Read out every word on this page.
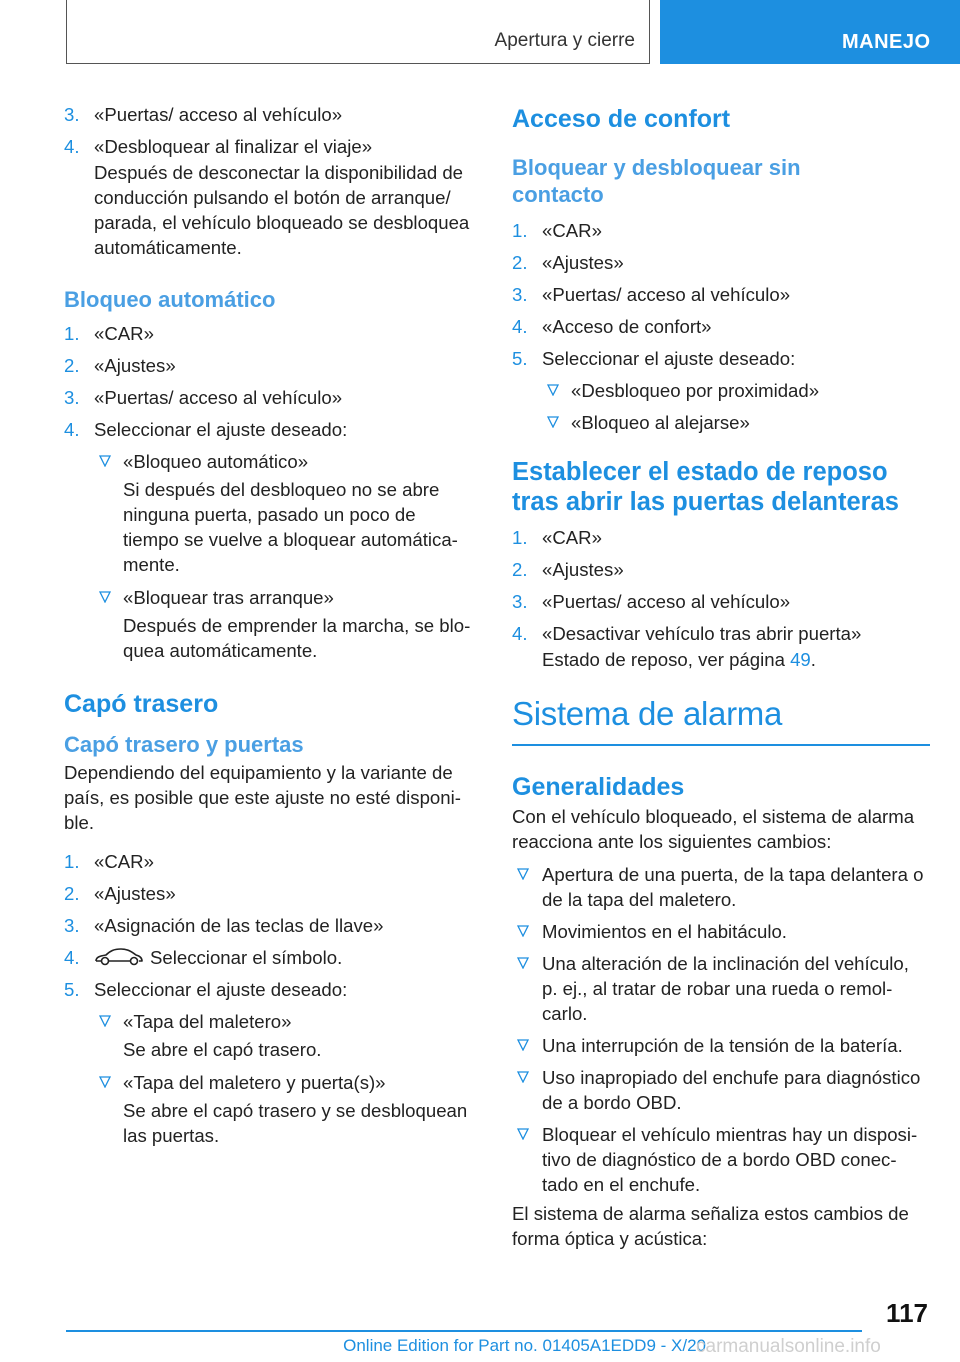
Apertura y cierre	MANEJO
3. «Puertas/ acceso al vehículo»
4. «Desbloquear al finalizar el viaje»
Después de desconectar la disponibilidad de
conducción pulsando el botón de arranque/
parada, el vehículo bloqueado se desbloquea
automáticamente.
Bloqueo automático
1. «CAR»
2. «Ajustes»
3. «Puertas/ acceso al vehículo»
4. Seleccionar el ajuste deseado:
«Bloqueo automático»
Si después del desbloqueo no se abre
ninguna puerta, pasado un poco de
tiempo se vuelve a bloquear automática-
mente.
«Bloquear tras arranque»
Después de emprender la marcha, se blo-
quea automáticamente.
Capó trasero
Capó trasero y puertas
Dependiendo del equipamiento y la variante de
país, es posible que este ajuste no esté disponi-
ble.
1. «CAR»
2. «Ajustes»
3. «Asignación de las teclas de llave»
4.	Seleccionar el símbolo.
5. Seleccionar el ajuste deseado:
«Tapa del maletero»
Se abre el capó trasero.
«Tapa del maletero y puerta(s)»
Se abre el capó trasero y se desbloquean
las puertas.
Acceso de confort
Bloquear y desbloquear sin
contacto
1. «CAR»
2. «Ajustes»
3. «Puertas/ acceso al vehículo»
4. «Acceso de confort»
5. Seleccionar el ajuste deseado:
«Desbloqueo por proximidad»
«Bloqueo al alejarse»
Establecer el estado de reposo
tras abrir las puertas delanteras
1. «CAR»
2. «Ajustes»
3. «Puertas/ acceso al vehículo»
4. «Desactivar vehículo tras abrir puerta»
Estado de reposo, ver página 49.
Sistema de alarma
Generalidades
Con el vehículo bloqueado, el sistema de alarma
reacciona ante los siguientes cambios:
Apertura de una puerta, de la tapa delantera o
de la tapa del maletero.
Movimientos en el habitáculo.
Una alteración de la inclinación del vehículo,
p. ej., al tratar de robar una rueda o remol-
carlo.
Una interrupción de la tensión de la batería.
Uso inapropiado del enchufe para diagnóstico
de a bordo OBD.
Bloquear el vehículo mientras hay un disposi-
tivo de diagnóstico de a bordo OBD conec-
tado en el enchufe.
El sistema de alarma señaliza estos cambios de
forma óptica y acústica:
117
Online Edition for Part no. 01405A1EDD9 - X/20
carmanualsonline.info
